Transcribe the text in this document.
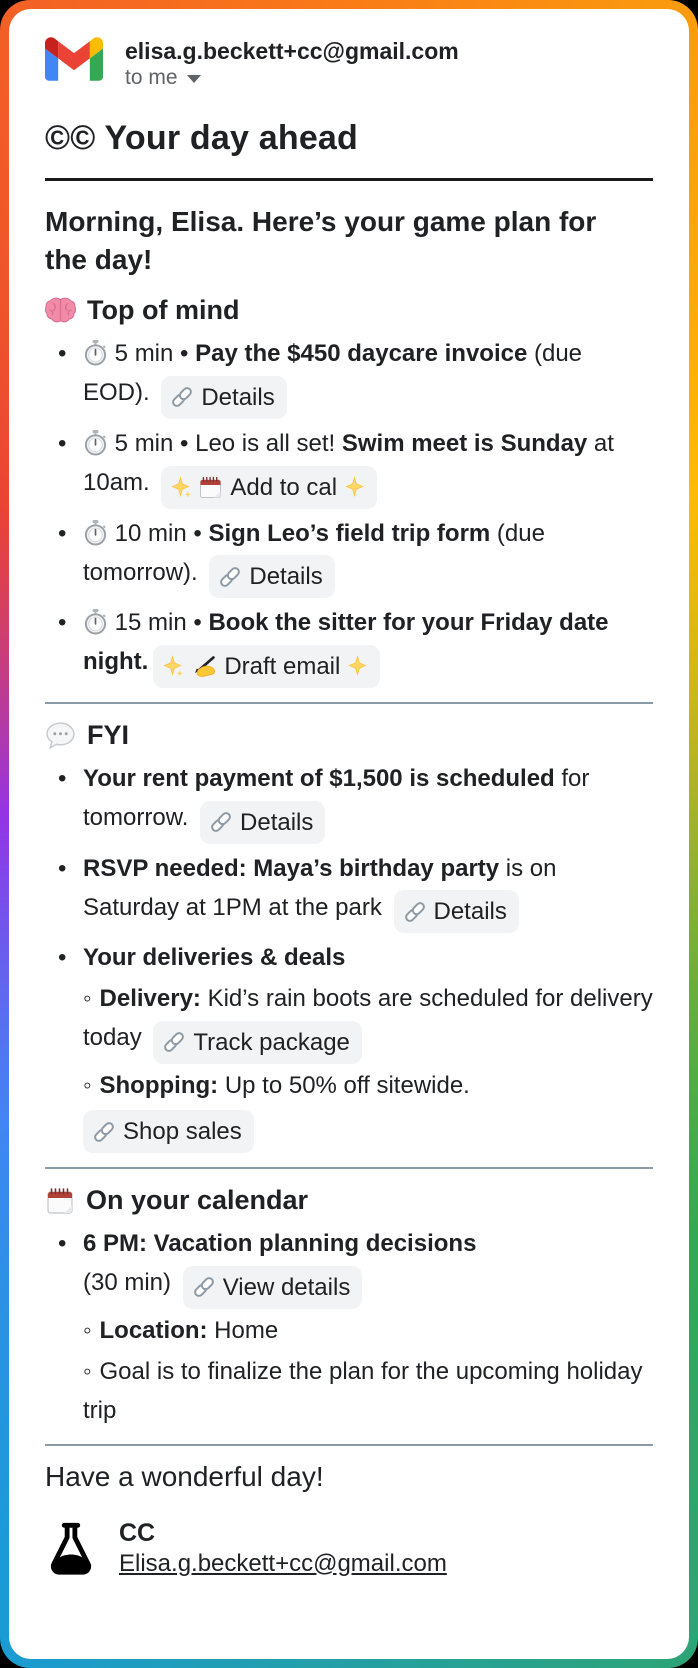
elisa.g.beckett+cc@gmail.com
to me
©© Your day ahead
Morning, Elisa. Here’s your game plan for the day!
Top of mind
•	5 min • Pay the $450 daycare invoice (due EOD). Details
•	5 min • Leo is all set! Swim meet is Sunday at 10am.	Add to cal
•	10 min • Sign Leo’s field trip form (due tomorrow). Details
•	15 min • Book the sitter for your Friday date night.	Draft email
FYI
• Your rent payment of $1,500 is scheduled for tomorrow. Details
• RSVP needed: Maya’s birthday party is on Saturday at 1PM at the park Details
• Your deliveries & deals

◦ Delivery: Kid’s rain boots are scheduled for delivery today Track package

◦ Shopping: Up to 50% off sitewide.

Shop sales

On your calendar
• 6 PM: Vacation planning decisions
(30 min) View details

◦ Location: Home

◦ Goal is to finalize the plan for the upcoming holiday trip

Have a wonderful day!
CC
Elisa.g.beckett+cc@gmail.com
